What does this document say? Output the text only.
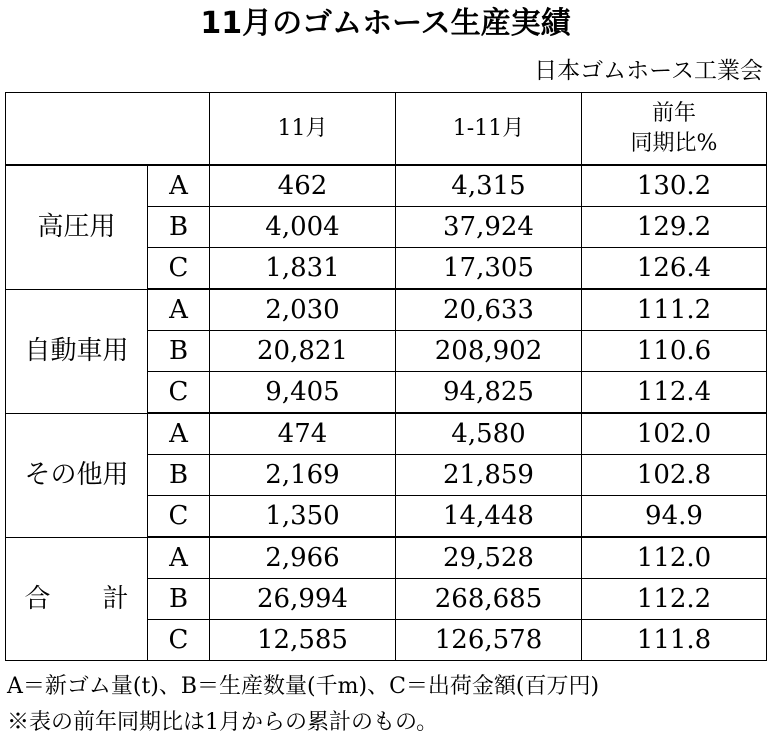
11月のゴムホース生産実績
日本ゴムホース工業会
		11月	1-11月	前年
同期比%

高圧用	A	462	4,315	130.2
	B	4,004	37,924	129.2
	C	1,831	17,305	126.4
自動車用	A	2,030	20,633	111.2
	B	20,821	208,902	110.6
	C	9,405	94,825	112.4
その他用	A	474	4,580	102.0
	B	2,169	21,859	102.8
	C	1,350	14,448	94.9
合 計	A	2,966	29,528	112.0
	B	26,994	268,685	112.2
	C	12,585	126,578	111.8
A＝新ゴム量(t)、B＝生産数量(千m)、C＝出荷金額(百万円)
※表の前年同期比は1月からの累計のもの。
